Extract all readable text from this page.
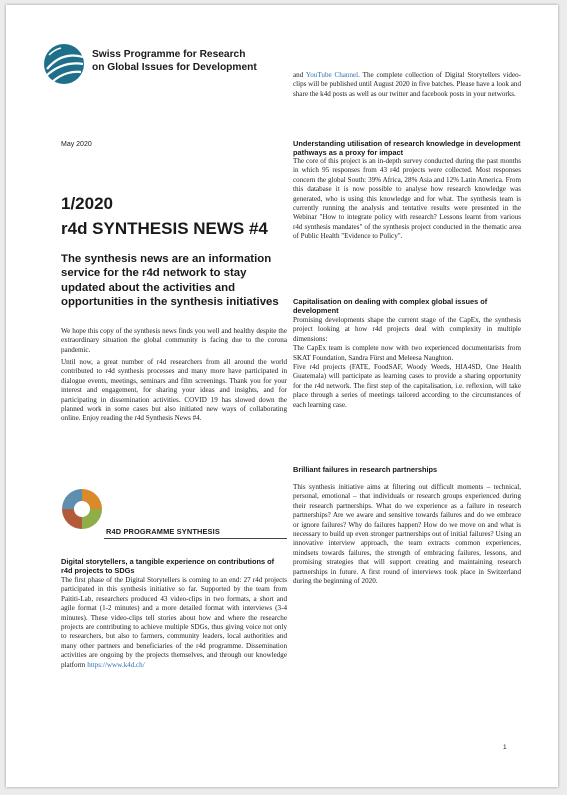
Swiss Programme for Research
on Global Issues for Development
May 2020
1/2020
r4d SYNTHESIS NEWS #4
The synthesis news are an information service for the r4d network to stay updated about the activities and opportunities in the synthesis initiatives

We hope this copy of the synthesis news finds you well and healthy despite the extraordinary situation the global community is facing due to the corona pandemic.

Until now, a great number of r4d researchers from all around the world contributed to r4d synthesis processes and many more have participated in dialogue events, meetings, seminars and film screenings. Thank you for your interest and engagement, for sharing your ideas and insights, and for participating in dissemination activities. COVID 19 has slowed down the planned work in some cases but also initiated new ways of collaborating online. Enjoy reading the r4d Synthesis News #4.

R4D PROGRAMME SYNTHESIS
Digital storytellers, a tangible experience on contributions of r4d projects to SDGs

The first phase of the Digital Storytellers is coming to an end: 27 r4d projects participated in this synthesis initiative so far. Supported by the team from Paititi-Lab, researchers produced 43 video-clips in two formats, a short and agile format (1-2 minutes) and a more detailed format with interviews (3-4 minutes). These video-clips tell stories about how and where the researche projects are contributing to achieve multiple SDGs, thus giving voice not only to researchers, but also to farmers, community leaders, local authorities and many other partners and beneficiaries of the r4d programme. Dissemination activities are ongoing by the projects themselves, and through our knowledge platform https://www.k4d.ch/

and YouTube Channel. The complete collection of Digital Storytellers video-clips will be published until August 2020 in five batches. Please have a look and share the k4d posts as well as our twitter and facebook posts in your networks.

Understanding utilisation of research knowledge in development pathways as a proxy for impact

The core of this project is an in-depth survey conducted during the past months in which 95 responses from 43 r4d projects were collected. Most responses concern the global South: 39% Africa, 28% Asia and 12% Latin America. From this database it is now possible to analyse how research knowledge was generated, who is using this knowledge and for what. The synthesis team is currently running the analysis and tentative results were presented in the Webinar "How to integrate policy with research? Lessons learnt from various r4d synthesis mandates" of the synthesis project conducted in the thematic area of Public Health "Evidence to Policy".

Capitalisation on dealing with complex global issues of development
Promising developments shape the current stage of the CapEx, the synthesis project looking at how r4d projects deal with complexity in multiple dimensions:
The CapEx team is complete now with two experienced documentarists from SKAT Foundation, Sandra Fürst and Meleesa Naughton.
Five r4d projects (FATE, FoodSAF, Woody Weeds, HIA4SD, One Health Guatemala) will participate as learning cases to provide a sharing opportunity for the r4d network. The first step of the capitalisation, i.e. reflexion, will take place through a series of meetings tailored according to the circumstances of each learning case.
Brilliant failures in research partnerships

This synthesis initiative aims at filtering out difficult moments – technical, personal, emotional – that individuals or research groups experienced during their research partnerships. What do we experience as a failure in research partnerships? Are we aware and sensitive towards failures and do we embrace or ignore failures? Why do failures happen? How do we move on and what is necessary to build up even stronger partnerships out of initial failures? Using an innovative interview approach, the team extracts common experiences, mindsets towards failures, the strength of embracing failures, lessons, and promising strategies that will support creating and maintaining research partnerships in future. A first round of interviews took place in Switzerland during the beginning of 2020.

1
